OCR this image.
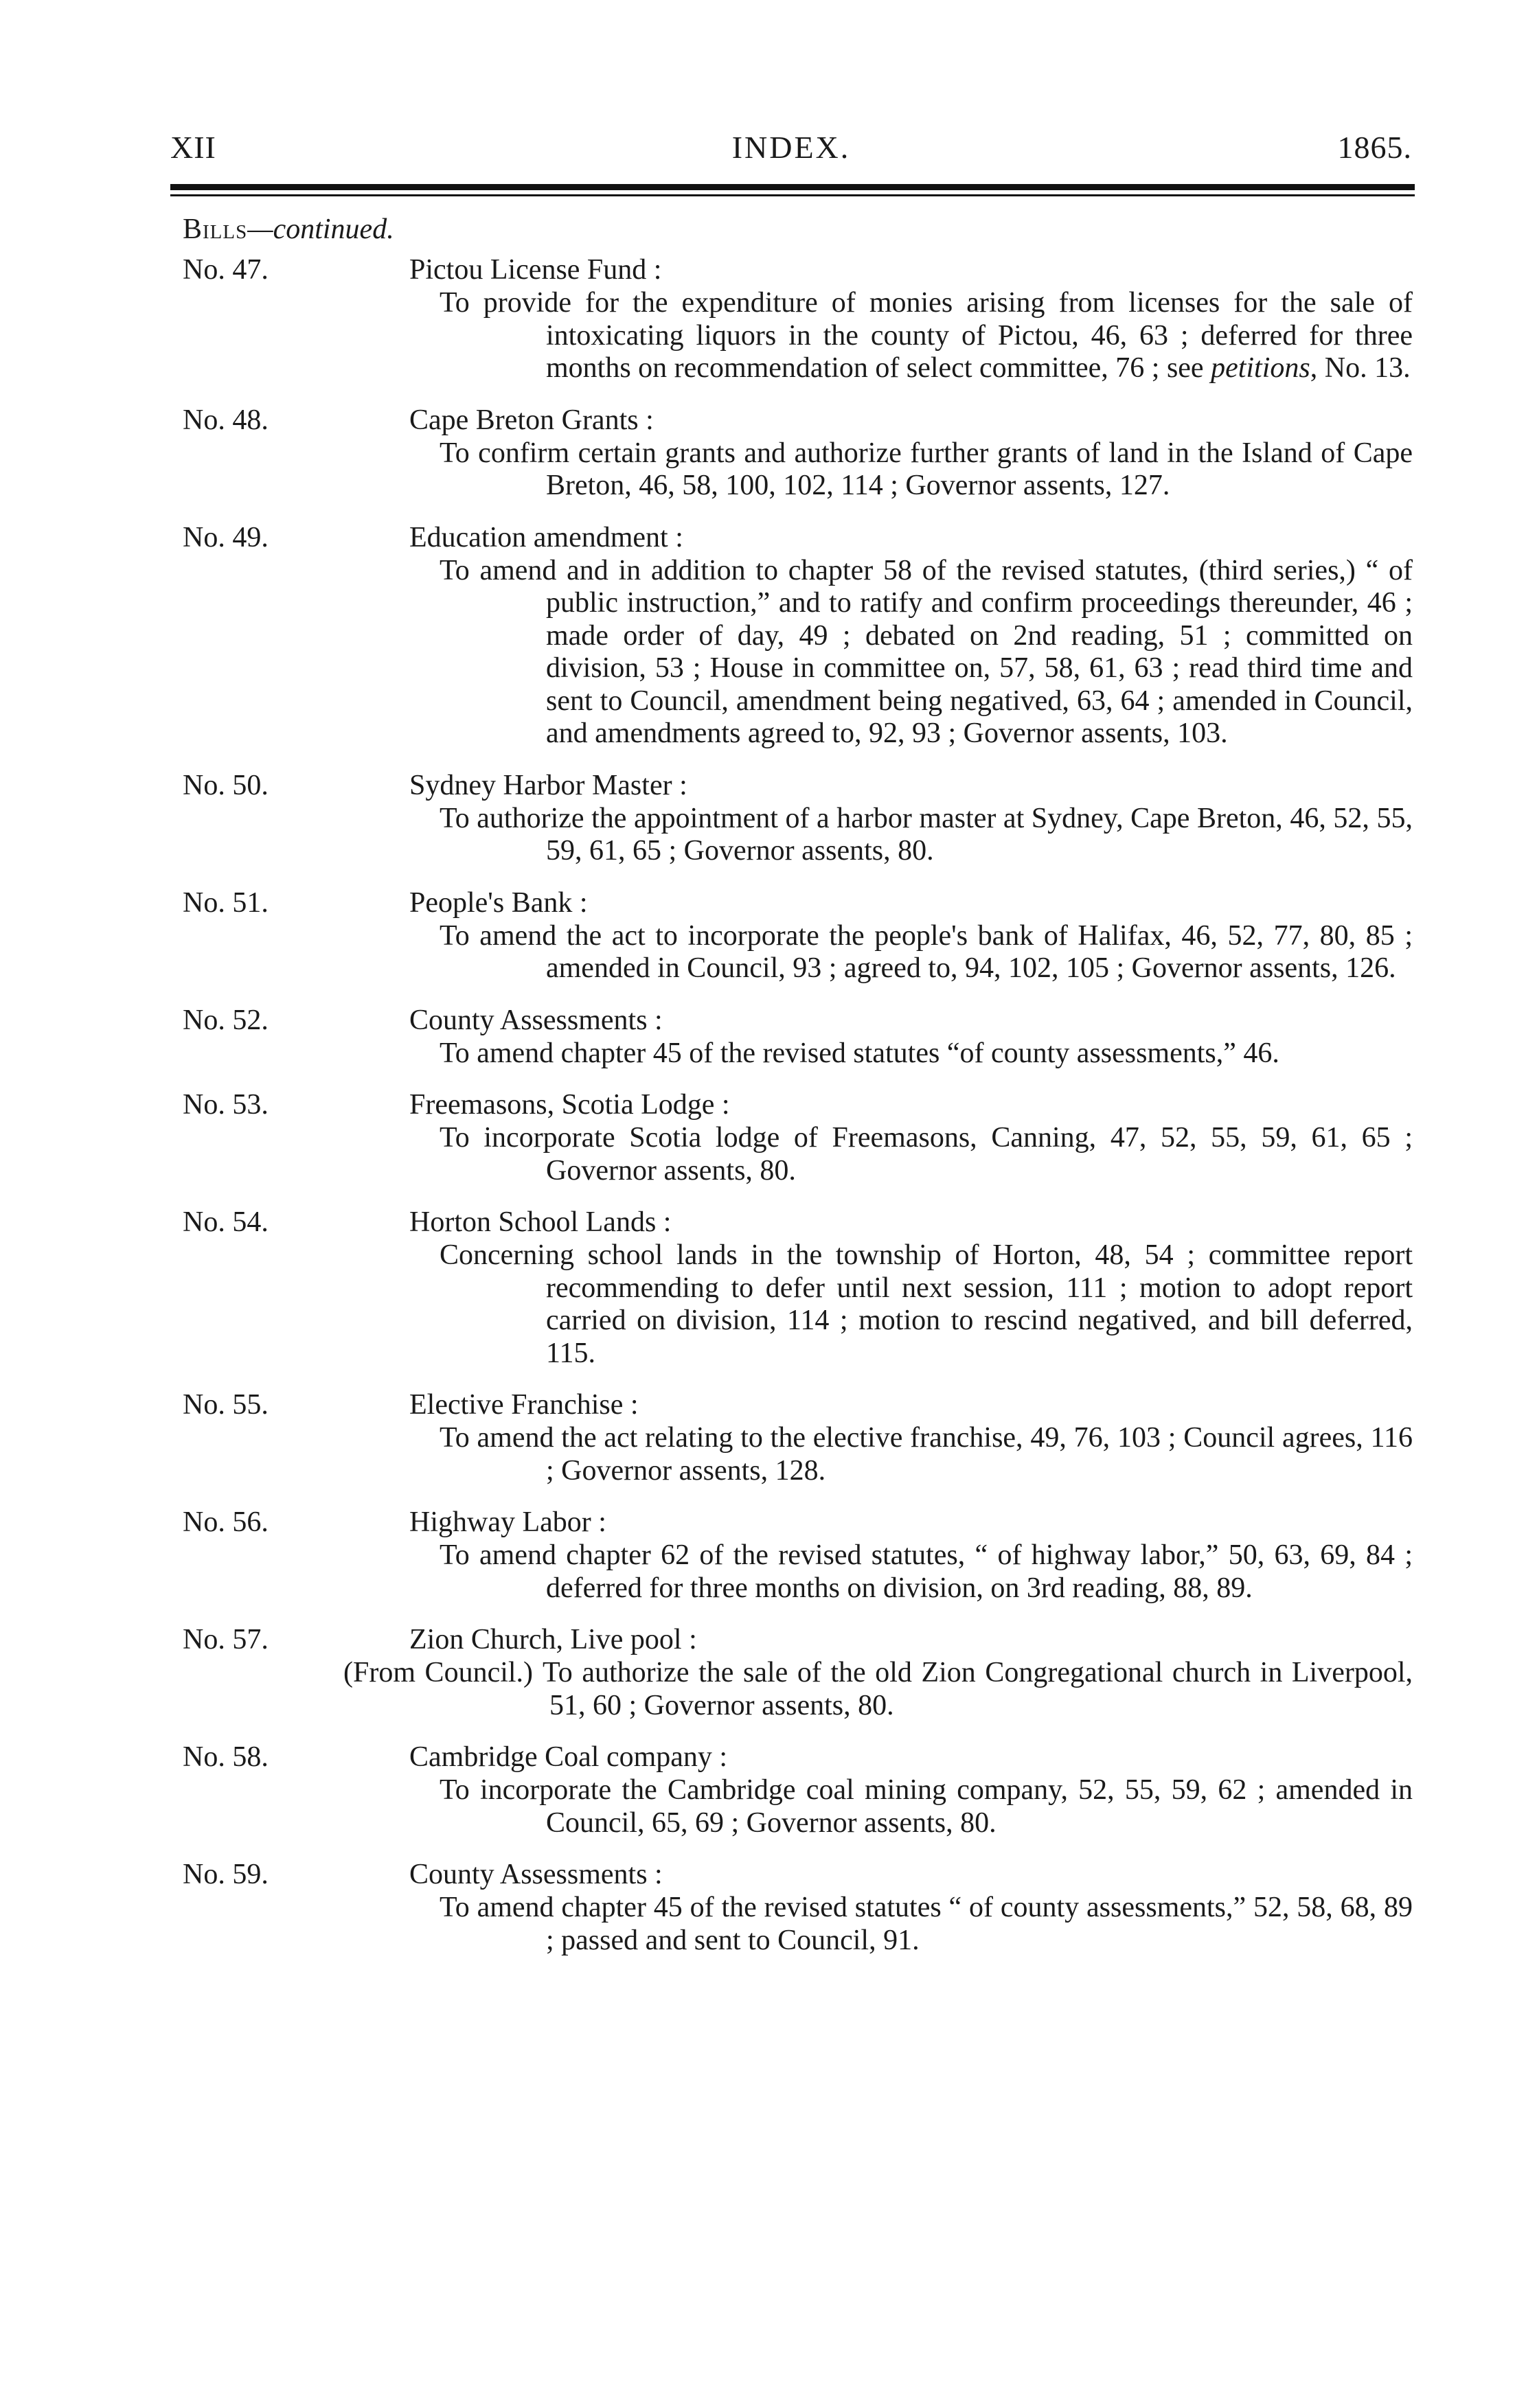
XII	INDEX.	1865.
Bills—continued.
No. 47.	Pictou License Fund :
To provide for the expenditure of monies arising from licenses for the sale of intoxicating liquors in the county of Pictou, 46, 63 ; deferred for three months on recommendation of select committee, 76 ; see petitions, No. 13.
No. 48.	Cape Breton Grants :
To confirm certain grants and authorize further grants of land in the Island of Cape Breton, 46, 58, 100, 102, 114 ; Governor assents, 127.
No. 49.	Education amendment :
To amend and in addition to chapter 58 of the revised statutes, (third series,) “ of public instruction,” and to ratify and confirm proceedings thereunder, 46 ; made order of day, 49 ; debated on 2nd reading, 51 ; committed on division, 53 ; House in committee on, 57, 58, 61, 63 ; read third time and sent to Council, amendment being negatived, 63, 64 ; amended in Council, and amendments agreed to, 92, 93 ; Governor assents, 103.
No. 50.	Sydney Harbor Master :
To authorize the appointment of a harbor master at Sydney, Cape Breton, 46, 52, 55, 59, 61, 65 ; Governor assents, 80.
No. 51.	People's Bank :
To amend the act to incorporate the people's bank of Halifax, 46, 52, 77, 80, 85 ; amended in Council, 93 ; agreed to, 94, 102, 105 ; Governor assents, 126.
No. 52.	County Assessments :
To amend chapter 45 of the revised statutes “of county assessments,” 46.
No. 53.	Freemasons, Scotia Lodge :
To incorporate Scotia lodge of Freemasons, Canning, 47, 52, 55, 59, 61, 65 ; Governor assents, 80.
No. 54.	Horton School Lands :
Concerning school lands in the township of Horton, 48, 54 ; committee report recommending to defer until next session, 111 ; motion to adopt report carried on division, 114 ; motion to rescind negatived, and bill deferred, 115.
No. 55.	Elective Franchise :
To amend the act relating to the elective franchise, 49, 76, 103 ; Council agrees, 116 ; Governor assents, 128.
No. 56.	Highway Labor :
To amend chapter 62 of the revised statutes, “ of highway labor,” 50, 63, 69, 84 ; deferred for three months on division, on 3rd reading, 88, 89.
No. 57.	Zion Church, Live pool :
(From Council.) To authorize the sale of the old Zion Congregational church in Liverpool, 51, 60 ; Governor assents, 80.
No. 58.	Cambridge Coal company :
To incorporate the Cambridge coal mining company, 52, 55, 59, 62 ; amended in Council, 65, 69 ; Governor assents, 80.
No. 59.	County Assessments :
To amend chapter 45 of the revised statutes “ of county assessments,” 52, 58, 68, 89 ; passed and sent to Council, 91.
